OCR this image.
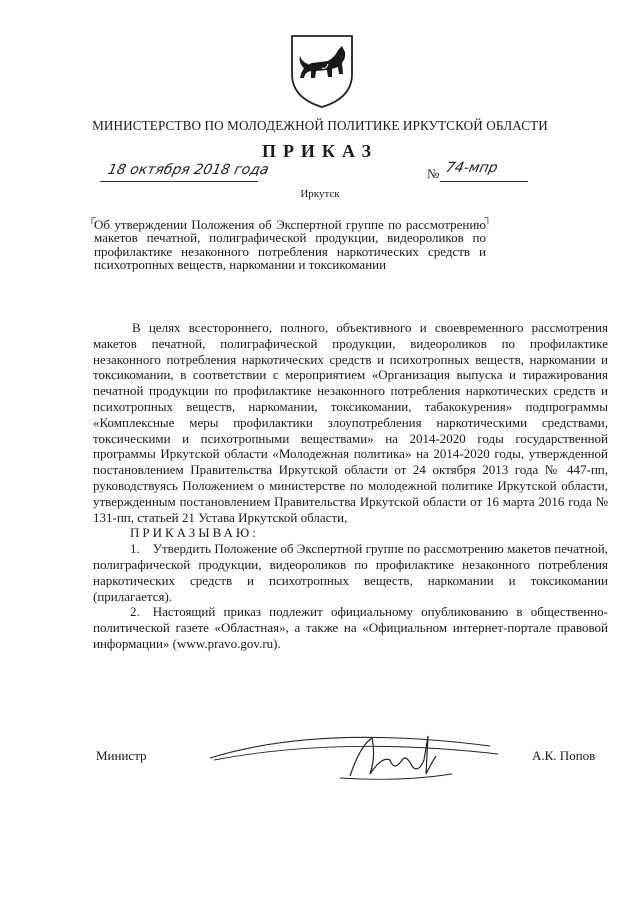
МИНИСТЕРСТВО ПО МОЛОДЕЖНОЙ ПОЛИТИКЕ ИРКУТСКОЙ ОБЛАСТИ
ПРИКАЗ
18 октября 2018 года	№ 74-мпр
Иркутск
┌	┐
Об утверждении Положения об Экспертной группе по рассмотрению макетов печатной, полиграфической продукции, видеороликов по профилактике незаконного потребления наркотических средств и психотропных веществ, наркомании и токсикомании

В целях всестороннего, полного, объективного и своевременного рассмотрения макетов печатной, полиграфической продукции, видеороликов по профилактике незаконного потребления наркотических средств и психотропных веществ, наркомании и токсикомании, в соответствии с мероприятием «Организация выпуска и тиражирования печатной продукции по профилактике незаконного потребления наркотических средств и психотропных веществ, наркомании, токсикомании, табакокурения» подпрограммы «Комплексные меры профилактики злоупотребления наркотическими средствами, токсическими и психотропными веществами» на 2014-2020 годы государственной программы Иркутской области «Молодежная политика» на 2014-2020 годы, утвержденной постановлением Правительства Иркутской области от 24 октября 2013 года № 447-пп, руководствуясь Положением о министерстве по молодежной политике Иркутской области, утвержденным постановлением Правительства Иркутской области от 16 марта 2016 года № 131-пп, статьей 21 Устава Иркутской области,

ПРИКАЗЫВАЮ:

1. Утвердить Положение об Экспертной группе по рассмотрению макетов печатной, полиграфической продукции, видеороликов по профилактике незаконного потребления наркотических средств и психотропных веществ, наркомании и токсикомании (прилагается).

2. Настоящий приказ подлежит официальному опубликованию в общественно-политической газете «Областная», а также на «Официальном интернет-портале правовой информации» (www.pravo.gov.ru).

Министр	А.К. Попов
